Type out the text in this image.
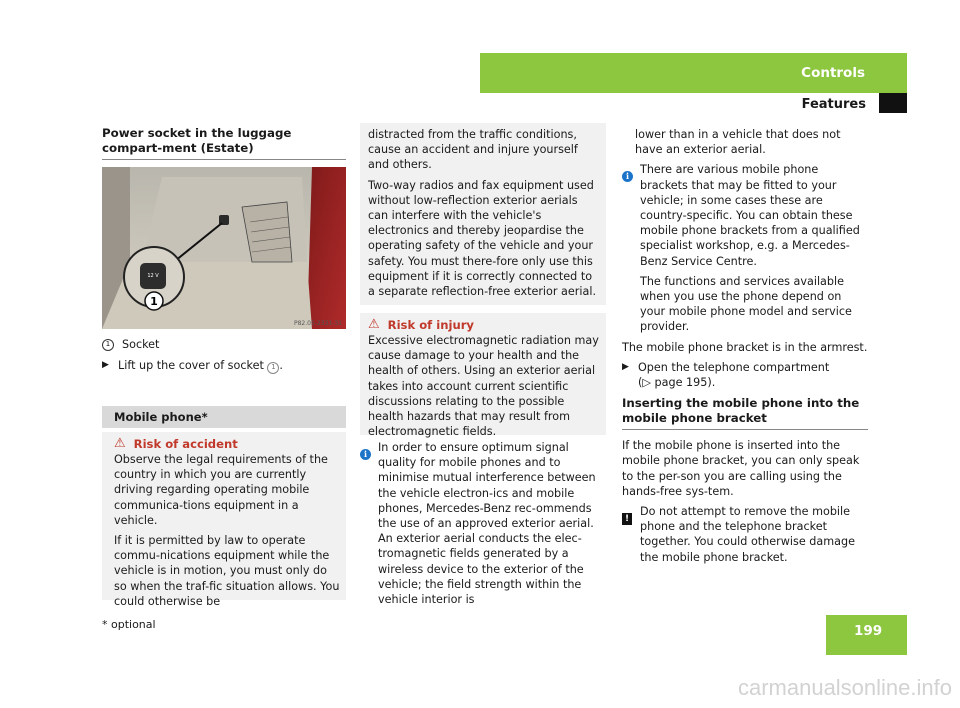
Controls
Features
Power socket in the luggage compart-ment (Estate)
12 V
1
P82.05-2331-31
1	Socket
▶ Lift up the cover of socket 1 .
Mobile phone*
⚠ Risk of accident

Observe the legal requirements of the country in which you are currently driving regarding operating mobile communica-tions equipment in a vehicle.

If it is permitted by law to operate commu-nications equipment while the vehicle is in motion, you must only do so when the traf-fic situation allows. You could otherwise be

* optional

distracted from the traffic conditions, cause an accident and injure yourself and others.

Two-way radios and fax equipment used without low-reflection exterior aerials can interfere with the vehicle's electronics and thereby jeopardise the operating safety of the vehicle and your safety. You must there-fore only use this equipment if it is correctly connected to a separate reflection-free exterior aerial.

⚠ Risk of injury

Excessive electromagnetic radiation may cause damage to your health and the health of others. Using an exterior aerial takes into account current scientific discussions relating to the possible health hazards that may result from electromagnetic fields.

i In order to ensure optimum signal quality for mobile phones and to minimise mutual interference between the vehicle electron-ics and mobile phones, Mercedes-Benz rec-ommends the use of an approved exterior aerial. An exterior aerial conducts the elec-tromagnetic fields generated by a wireless device to the exterior of the vehicle; the field strength within the vehicle interior is

lower than in a vehicle that does not have an exterior aerial.

i There are various mobile phone brackets that may be fitted to your vehicle; in some cases these are country-specific. You can obtain these mobile phone brackets from a qualified specialist workshop, e.g. a Mercedes-Benz Service Centre.

The functions and services available when you use the phone depend on your mobile phone model and service provider.

The mobile phone bracket is in the armrest.

▶ Open the telephone compartment
(▷ page 195).
Inserting the mobile phone into the mobile phone bracket

If the mobile phone is inserted into the mobile phone bracket, you can only speak to the per-son you are calling using the hands-free sys-tem.

!

Do not attempt to remove the mobile phone and the telephone bracket together. You could otherwise damage the mobile phone bracket.

199
carmanualsonline.info
